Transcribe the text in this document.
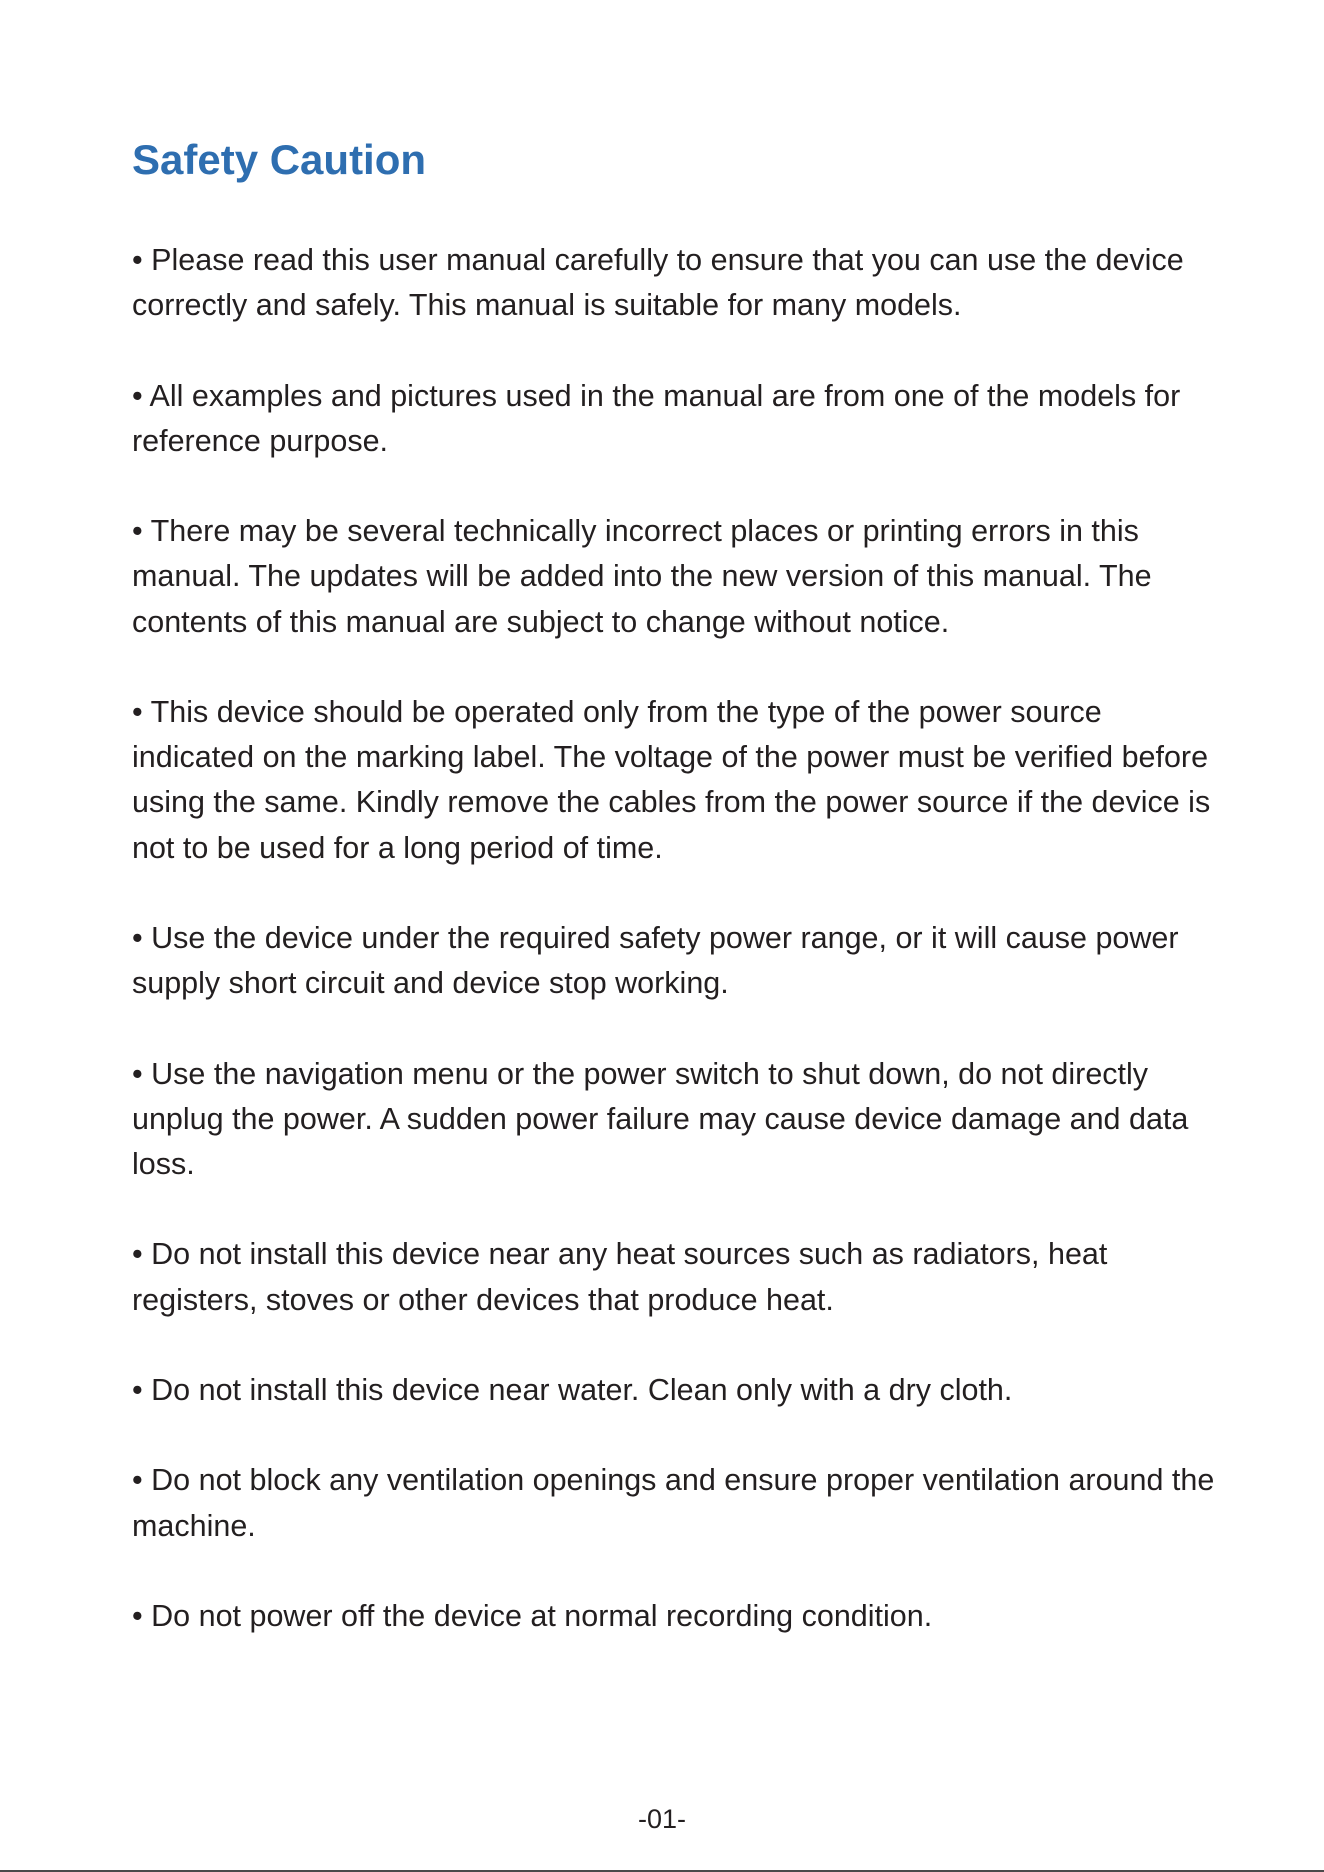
Safety Caution
• Please read this user manual carefully to ensure that you can use the device correctly and safely. This manual is suitable for many models.
• All examples and pictures used in the manual are from one of the models for reference purpose.
• There may be several technically incorrect places or printing errors in this manual. The updates will be added into the new version of this manual. The contents of this manual are subject to change without notice.
• This device should be operated only from the type of the power source indicated on the marking label. The voltage of the power must be verified before using the same. Kindly remove the cables from the power source if the device is not to be used for a long period of time.
• Use the device under the required safety power range, or it will cause power supply short circuit and device stop working.
• Use the navigation menu or the power switch to shut down, do not directly unplug the power. A sudden power failure may cause device damage and data loss.
• Do not install this device near any heat sources such as radiators, heat registers, stoves or other devices that produce heat.
• Do not install this device near water. Clean only with a dry cloth.
• Do not block any ventilation openings and ensure proper ventilation around the machine.
• Do not power off the device at normal recording condition.
-01-
